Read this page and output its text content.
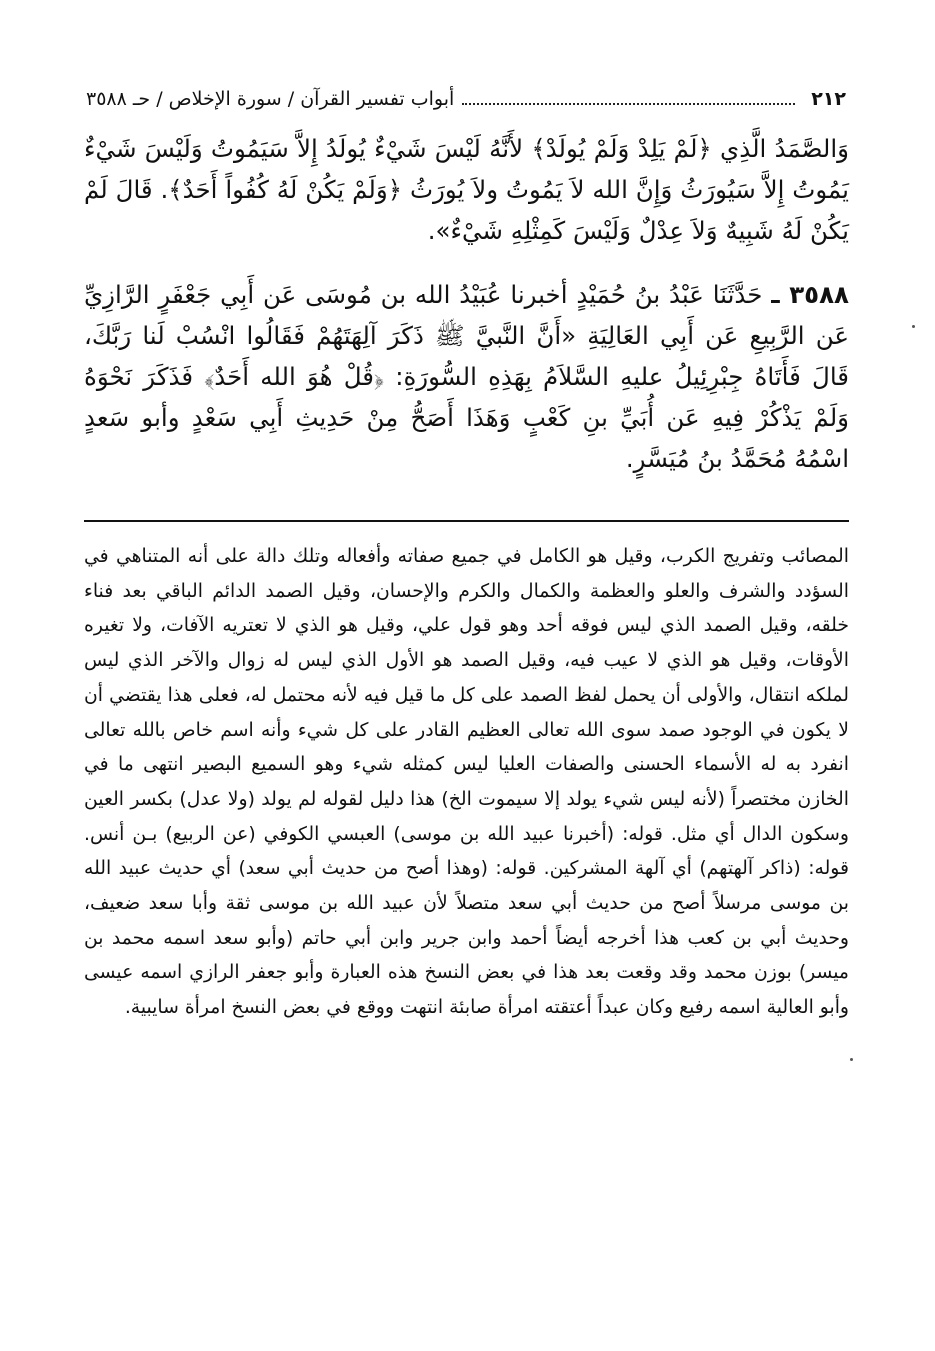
٢١٢
أبواب تفسير القرآن / سورة الإخلاص / حـ ٣٥٨٨

وَالصَّمَدُ الَّذِي ﴿لَمْ يَلِدْ وَلَمْ يُولَدْ﴾ لأَنَّهُ لَيْسَ شَيْءٌ يُولَدُ إِلاَّ سَيَمُوتُ وَلَيْسَ شَيْءٌ يَمُوتُ إِلاَّ سَيُورَثُ وَإِنَّ الله لاَ يَمُوتُ ولاَ يُورَثُ ﴿وَلَمْ يَكُنْ لَهُ كُفُواً أَحَدٌ﴾. قَالَ لَمْ يَكُنْ لَهُ شَبِيهٌ وَلاَ عِدْلٌ وَلَيْسَ كَمِثْلِهِ شَيْءٌ».

٣٥٨٨ ـ حَدَّثَنَا عَبْدُ بنُ حُمَيْدٍ أخبرنا عُبَيْدُ الله بن مُوسَى عَن أَبِي جَعْفَرٍ الرَّازِيِّ عَن الرَّبِيعِ عَن أَبِي العَالِيَةِ «أَنَّ النَّبيَّ ﷺ ذَكَرَ آلِهَتَهُمْ فَقَالُوا انْسُبْ لَنا رَبَّكَ، قَالَ فَأَتَاهُ جِبْرِئِيلُ عليهِ السَّلاَمُ بِهَذِهِ السُّورَةِ: ﴿قُلْ هُوَ الله أَحَدٌ﴾ فَذَكَرَ نَحْوَهُ وَلَمْ يَذْكُرْ فِيهِ عَن أُبَيِّ بنِ كَعْبٍ وَهَذَا أَصَحُّ مِنْ حَدِيثِ أَبِي سَعْدٍ وأبو سَعدٍ اسْمُهُ مُحَمَّدُ بنُ مُيَسَّرٍ.

المصائب وتفريج الكرب، وقيل هو الكامل في جميع صفاته وأفعاله وتلك دالة على أنه المتناهي في السؤدد والشرف والعلو والعظمة والكمال والكرم والإحسان، وقيل الصمد الدائم الباقي بعد فناء خلقه، وقيل الصمد الذي ليس فوقه أحد وهو قول علي، وقيل هو الذي لا تعتريه الآفات، ولا تغيره الأوقات، وقيل هو الذي لا عيب فيه، وقيل الصمد هو الأول الذي ليس له زوال والآخر الذي ليس لملكه انتقال، والأولى أن يحمل لفظ الصمد على كل ما قيل فيه لأنه محتمل له، فعلى هذا يقتضي أن لا يكون في الوجود صمد سوى الله تعالى العظيم القادر على كل شيء وأنه اسم خاص بالله تعالى انفرد به له الأسماء الحسنى والصفات العليا ليس كمثله شيء وهو السميع البصير انتهى ما في الخازن مختصراً (لأنه ليس شيء يولد إلا سيموت الخ) هذا دليل لقوله لم يولد (ولا عدل) بكسر العين وسكون الدال أي مثل. قوله: (أخبرنا عبيد الله بن موسى) العبسي الكوفي (عن الربيع) بـن أنس. قوله: (ذاكر آلهتهم) أي آلهة المشركين. قوله: (وهذا أصح من حديث أبي سعد) أي حديث عبيد الله بن موسى مرسلاً أصح من حديث أبي سعد متصلاً لأن عبيد الله بن موسى ثقة وأبا سعد ضعيف، وحديث أبي بن كعب هذا أخرجه أيضاً أحمد وابن جرير وابن أبي حاتم (وأبو سعد اسمه محمد بن ميسر) بوزن محمد وقد وقعت بعد هذا في بعض النسخ هذه العبارة وأبو جعفر الرازي اسمه عيسى وأبو العالية اسمه رفيع وكان عبداً أعتقته امرأة صابئة انتهت ووقع في بعض النسخ امرأة سايبية.
